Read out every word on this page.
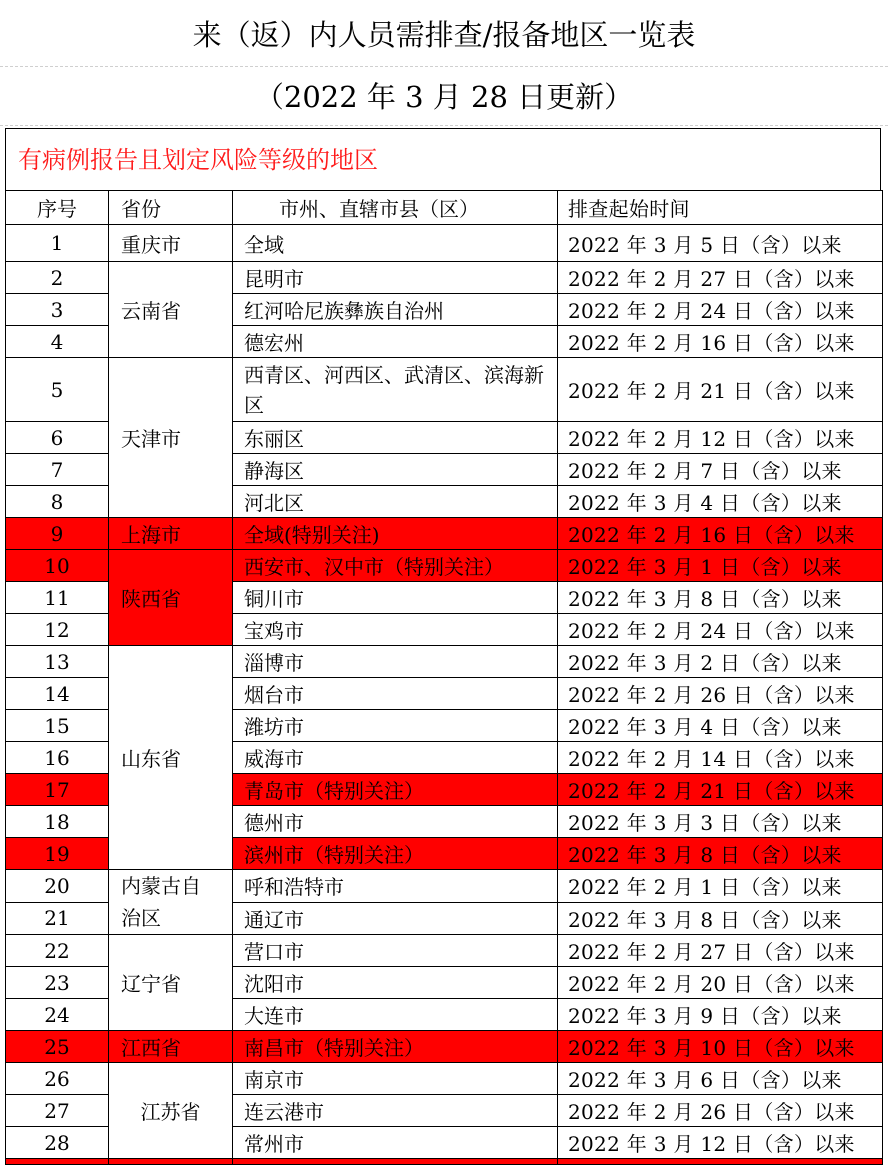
来（返）内人员需排查/报备地区一览表
（2022 年 3 月 28 日更新）
有病例报告且划定风险等级的地区
序号	省份	市州、直辖市县（区）	排查起始时间
1	重庆市	全域	2022 年 3 月 5 日（含）以来
2	云南省	昆明市	2022 年 2 月 27 日（含）以来
3		红河哈尼族彝族自治州	2022 年 2 月 24 日（含）以来
4		德宏州	2022 年 2 月 16 日（含）以来
5	天津市	西青区、河西区、武清区、滨海新区	2022 年 2 月 21 日（含）以来
6		东丽区	2022 年 2 月 12 日（含）以来
7		静海区	2022 年 2 月 7 日（含）以来
8		河北区	2022 年 3 月 4 日（含）以来
9	上海市	全域(特别关注)	2022 年 2 月 16 日（含）以来
10	陕西省	西安市、汉中市（特别关注）	2022 年 3 月 1 日（含）以来
11		铜川市	2022 年 3 月 8 日（含）以来
12		宝鸡市	2022 年 2 月 24 日（含）以来
13	山东省	淄博市	2022 年 3 月 2 日（含）以来
14		烟台市	2022 年 2 月 26 日（含）以来
15		潍坊市	2022 年 3 月 4 日（含）以来
16		威海市	2022 年 2 月 14 日（含）以来
17		青岛市（特别关注）	2022 年 2 月 21 日（含）以来
18		德州市	2022 年 3 月 3 日（含）以来
19		滨州市（特别关注）	2022 年 3 月 8 日（含）以来
20	内蒙古自治区	呼和浩特市	2022 年 2 月 1 日（含）以来
21		通辽市	2022 年 3 月 8 日（含）以来
22	辽宁省	营口市	2022 年 2 月 27 日（含）以来
23		沈阳市	2022 年 2 月 20 日（含）以来
24		大连市	2022 年 3 月 9 日（含）以来
25	江西省	南昌市（特别关注）	2022 年 3 月 10 日（含）以来
26	江苏省	南京市	2022 年 3 月 6 日（含）以来
27		连云港市	2022 年 2 月 26 日（含）以来
28		常州市	2022 年 3 月 12 日（含）以来
